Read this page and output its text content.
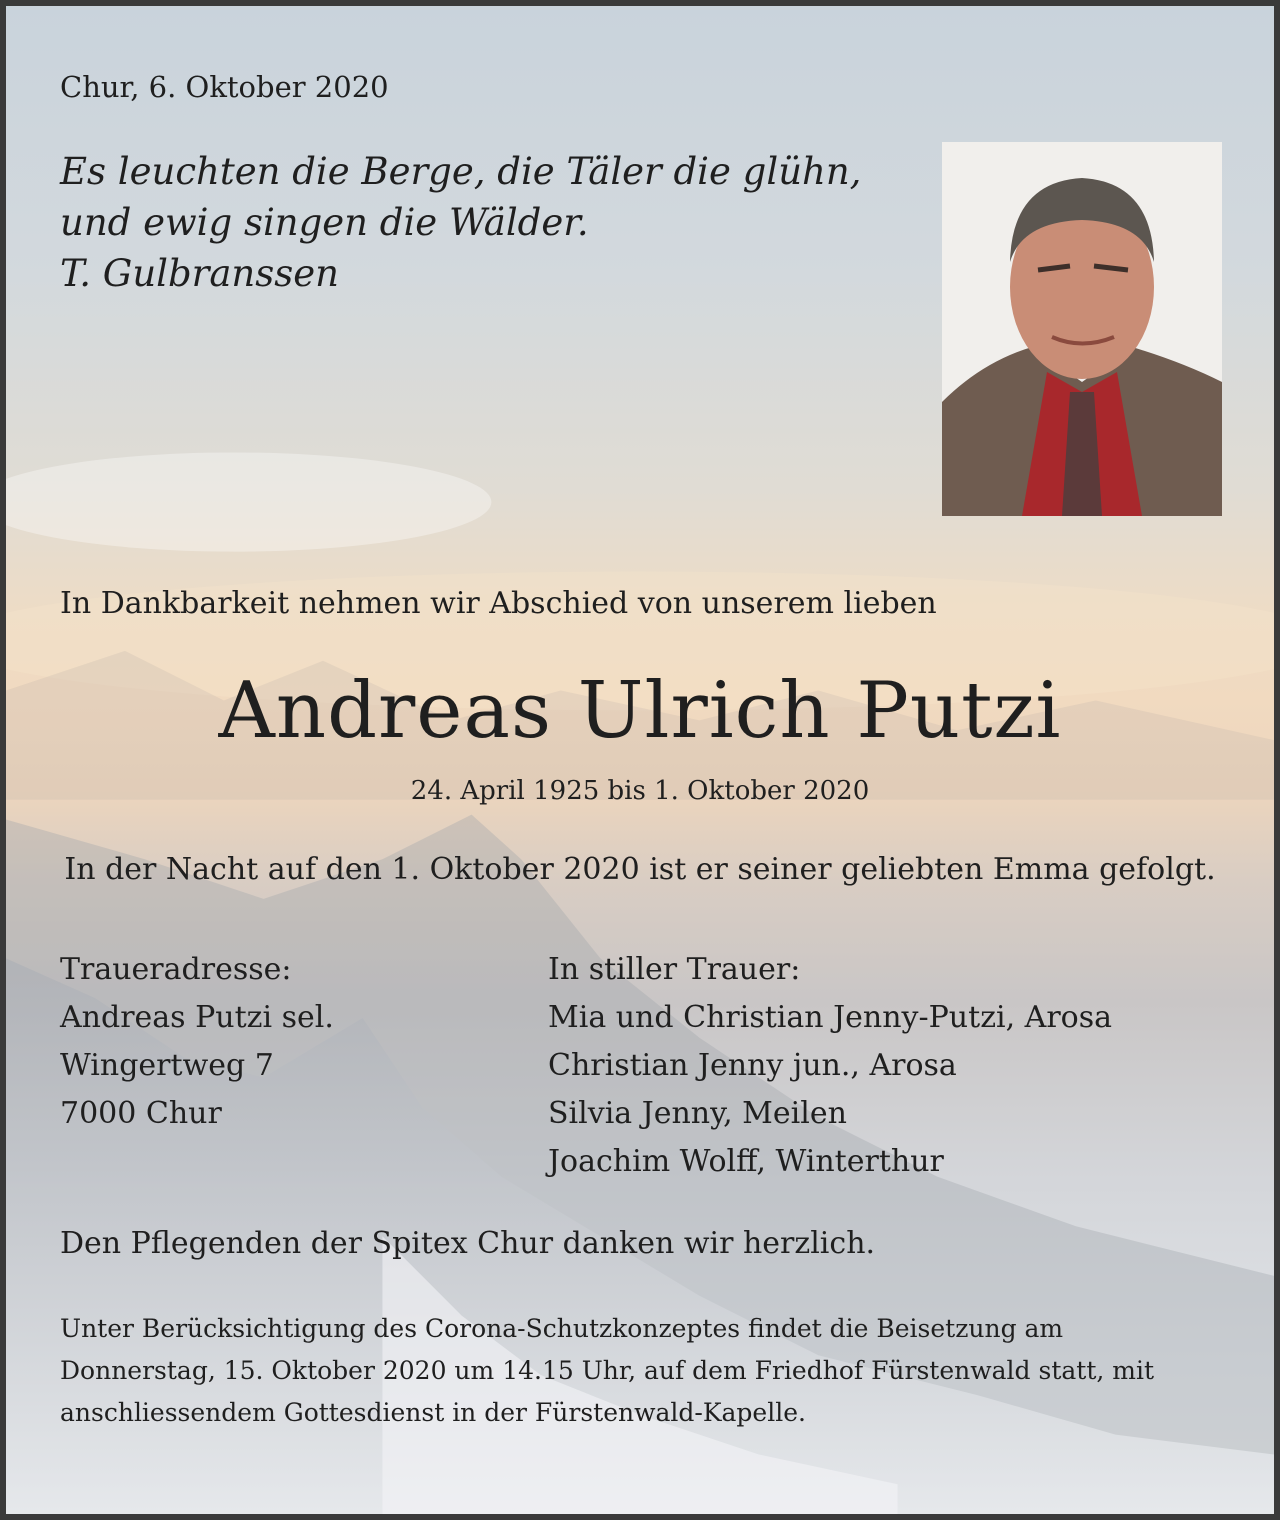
Chur, 6. Oktober 2020

Es leuchten die Berge, die Täler die glühn,
und ewig singen die Wälder.
T. Gulbranssen

In Dankbarkeit nehmen wir Abschied von unserem lieben

Andreas Ulrich Putzi

24. April 1925 bis 1. Oktober 2020

In der Nacht auf den 1. Oktober 2020 ist er seiner geliebten Emma gefolgt.

Traueradresse:
Andreas Putzi sel.
Wingertweg 7
7000 Chur
In stiller Trauer:
Mia und Christian Jenny-Putzi, Arosa
Christian Jenny jun., Arosa
Silvia Jenny, Meilen
Joachim Wolff, Winterthur

Den Pflegenden der Spitex Chur danken wir herzlich.

Unter Berücksichtigung des Corona-Schutzkonzeptes findet die Beisetzung am
Donnerstag, 15. Oktober 2020 um 14.15 Uhr, auf dem Friedhof Fürstenwald statt, mit
anschliessendem Gottesdienst in der Fürstenwald-Kapelle.
